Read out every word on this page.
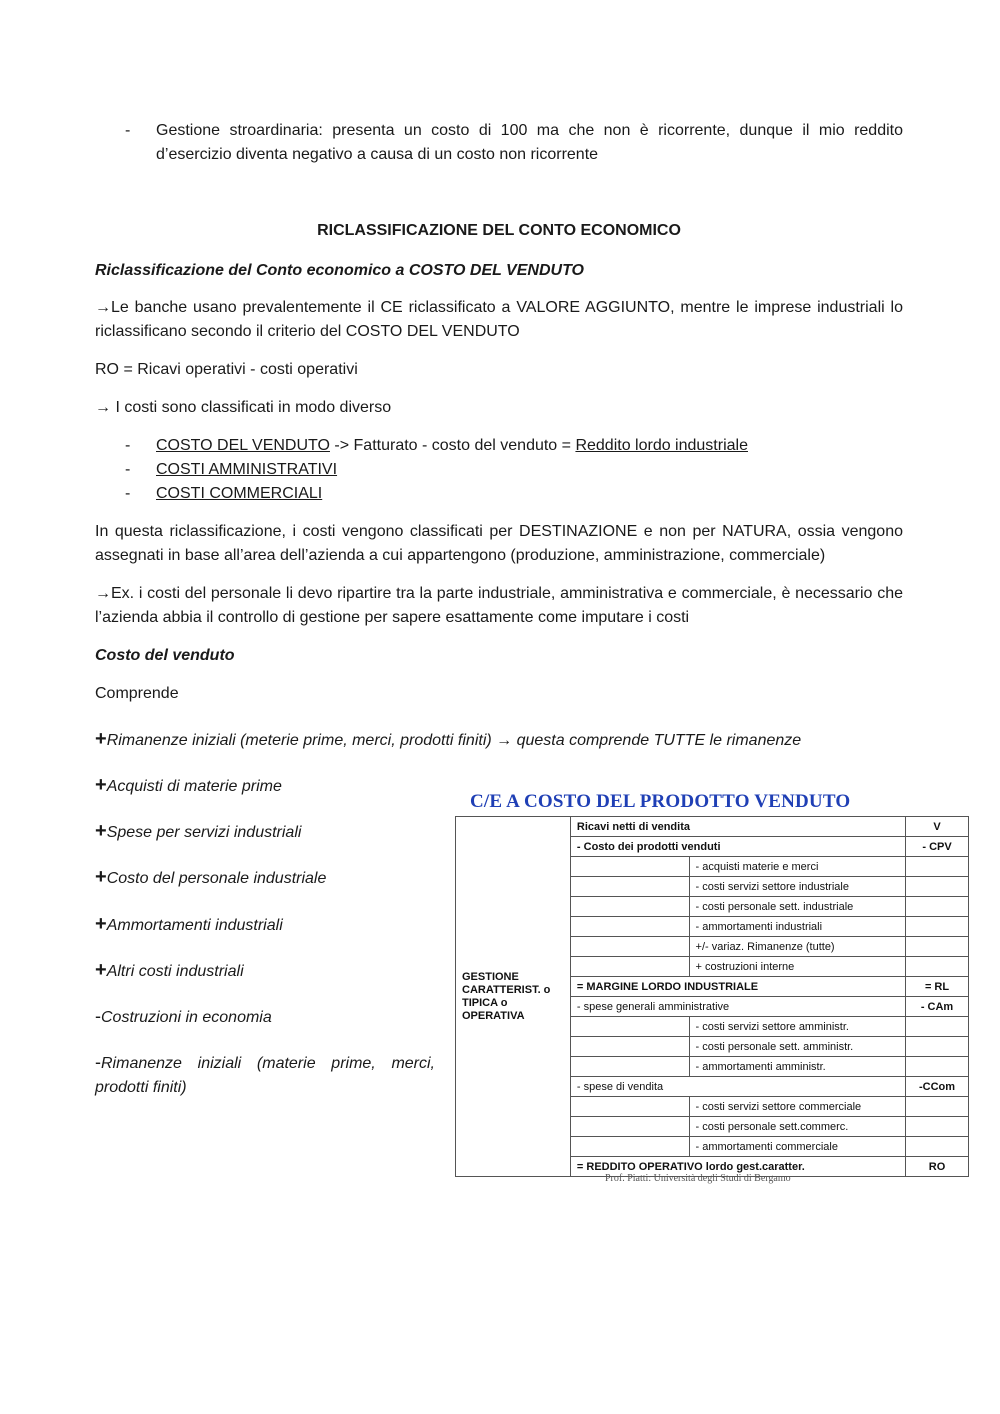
- Gestione stroardinaria: presenta un costo di 100 ma che non è ricorrente, dunque il mio reddito d’esercizio diventa negativo a causa di un costo non ricorrente
RICLASSIFICAZIONE DEL CONTO ECONOMICO
Riclassificazione del Conto economico a COSTO DEL VENDUTO

→Le banche usano prevalentemente il CE riclassificato a VALORE AGGIUNTO, mentre le imprese industriali lo riclassificano secondo il criterio del COSTO DEL VENDUTO

RO = Ricavi operativi - costi operativi

→ I costi sono classificati in modo diverso

- COSTO DEL VENDUTO -> Fatturato - costo del venduto = Reddito lordo industriale
- COSTI AMMINISTRATIVI
- COSTI COMMERCIALI

In questa riclassificazione, i costi vengono classificati per DESTINAZIONE e non per NATURA, ossia vengono assegnati in base all’area dell’azienda a cui appartengono (produzione, amministrazione, commerciale)

→Ex. i costi del personale li devo ripartire tra la parte industriale, amministrativa e commerciale, è necessario che l’azienda abbia il controllo di gestione per sapere esattamente come imputare i costi

Costo del venduto
Comprende
+Rimanenze iniziali (meterie prime, merci, prodotti finiti) → questa comprende TUTTE le rimanenze
+Acquisti di materie prime
+Spese per servizi industriali
+Costo del personale industriale
+Ammortamenti industriali
+Altri costi industriali
-Costruzioni in economia
-Rimanenze iniziali (materie prime, merci, prodotti finiti)
C/E A COSTO DEL PRODOTTO VENDUTO
GESTIONE CARATTERIST. o TIPICA o OPERATIVA	Ricavi netti di vendita		V
	- Costo dei prodotti venduti		- CPV
		- acquisti materie e merci	
		- costi servizi settore industriale	
		- costi personale sett. industriale	
		- ammortamenti industriali	
		+/- variaz. Rimanenze (tutte)	
		+ costruzioni interne	
	= MARGINE LORDO INDUSTRIALE		= RL
	- spese generali amministrative		- CAm
		- costi servizi settore amministr.	
		- costi personale sett. amministr.	
		- ammortamenti amministr.	
	- spese di vendita		-CCom
		- costi servizi settore commerciale	
		- costi personale sett.commerc.	
		- ammortamenti commerciale	
	= REDDITO OPERATIVO lordo gest.caratter.		RO
Prof. Piatti: Università degli Studi di Bergamo
